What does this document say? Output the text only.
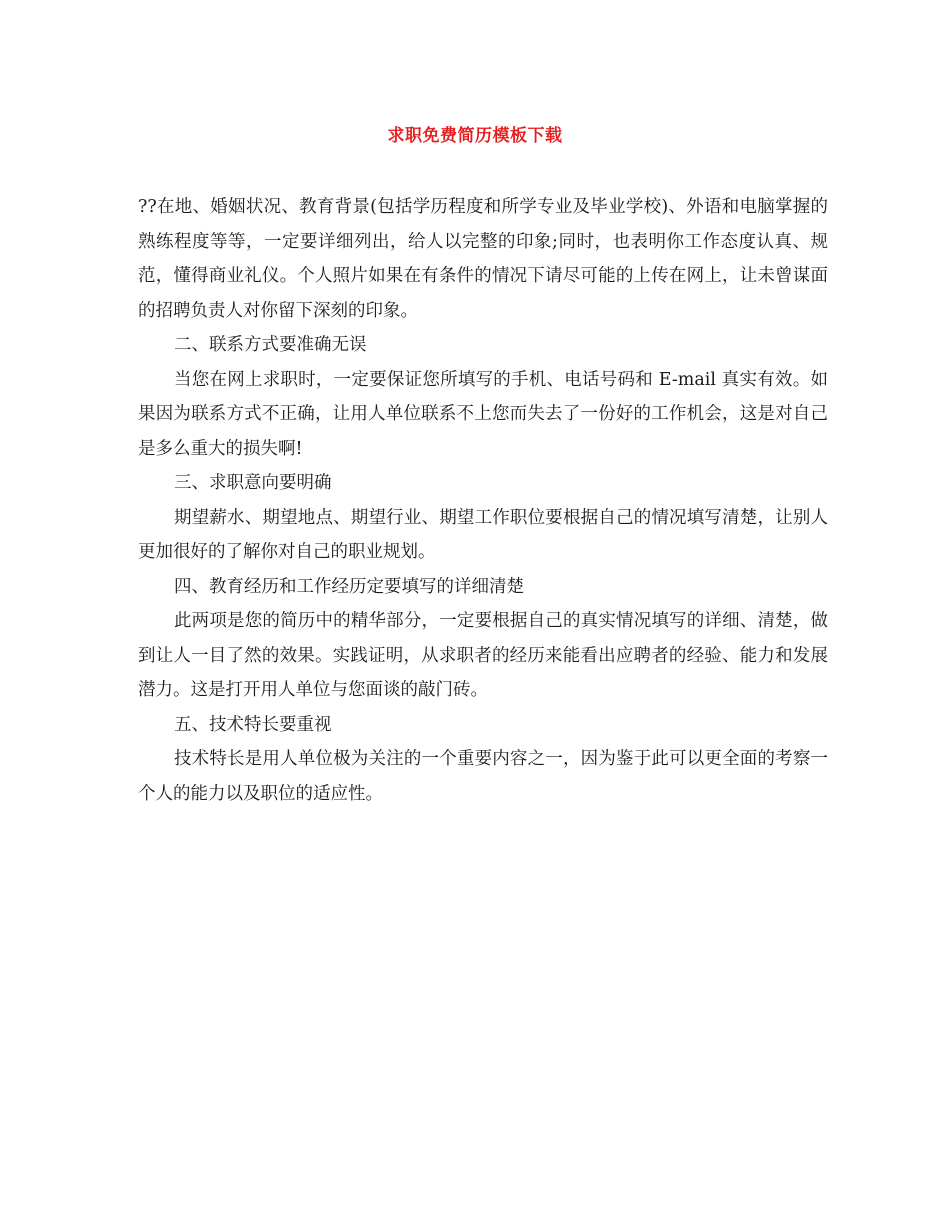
求职免费简历模板下载

??在地、婚姻状况、教育背景(包括学历程度和所学专业及毕业学校)、外语和电脑掌握的熟练程度等等，一定要详细列出，给人以完整的印象;同时，也表明你工作态度认真、规范，懂得商业礼仪。个人照片如果在有条件的情况下请尽可能的上传在网上，让未曾谋面的招聘负责人对你留下深刻的印象。

二、联系方式要准确无误

当您在网上求职时，一定要保证您所填写的手机、电话号码和 E-mail 真实有效。如果因为联系方式不正确，让用人单位联系不上您而失去了一份好的工作机会，这是对自己是多么重大的损失啊!

三、求职意向要明确

期望薪水、期望地点、期望行业、期望工作职位要根据自己的情况填写清楚，让别人更加很好的了解你对自己的职业规划。

四、教育经历和工作经历定要填写的详细清楚

此两项是您的简历中的精华部分，一定要根据自己的真实情况填写的详细、清楚，做到让人一目了然的效果。实践证明，从求职者的经历来能看出应聘者的经验、能力和发展潜力。这是打开用人单位与您面谈的敲门砖。

五、技术特长要重视

技术特长是用人单位极为关注的一个重要内容之一，因为鉴于此可以更全面的考察一个人的能力以及职位的适应性。
